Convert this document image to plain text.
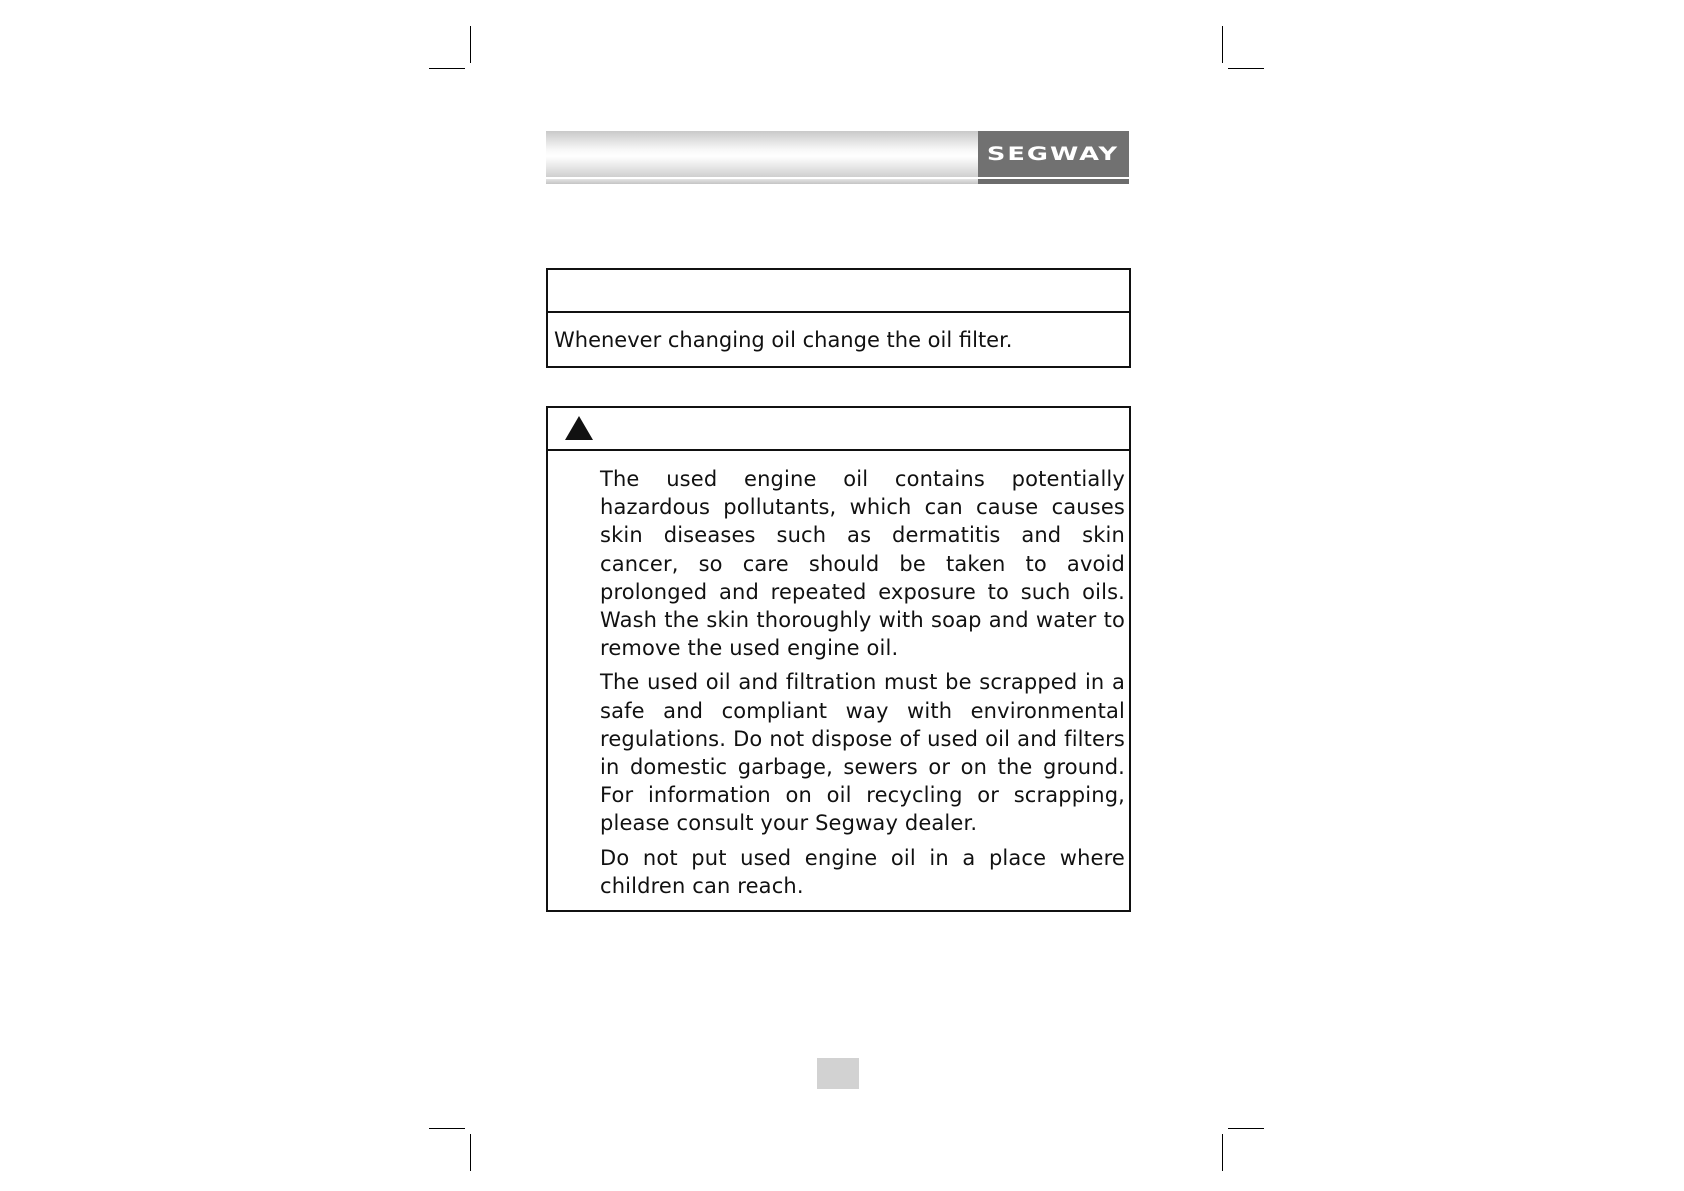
SEGWAY
Whenever changing oil change the oil filter.

The used engine oil contains potentially hazardous pollutants, which can cause causes skin diseases such as dermatitis and skin cancer, so care should be taken to avoid prolonged and repeated exposure to such oils. Wash the skin thoroughly with soap and water to remove the used engine oil.

The used oil and filtration must be scrapped in a safe and compliant way with environmental regulations. Do not dispose of used oil and filters in domestic garbage, sewers or on the ground. For information on oil recycling or scrapping, please consult your Segway dealer.

Do not put used engine oil in a place where children can reach.
